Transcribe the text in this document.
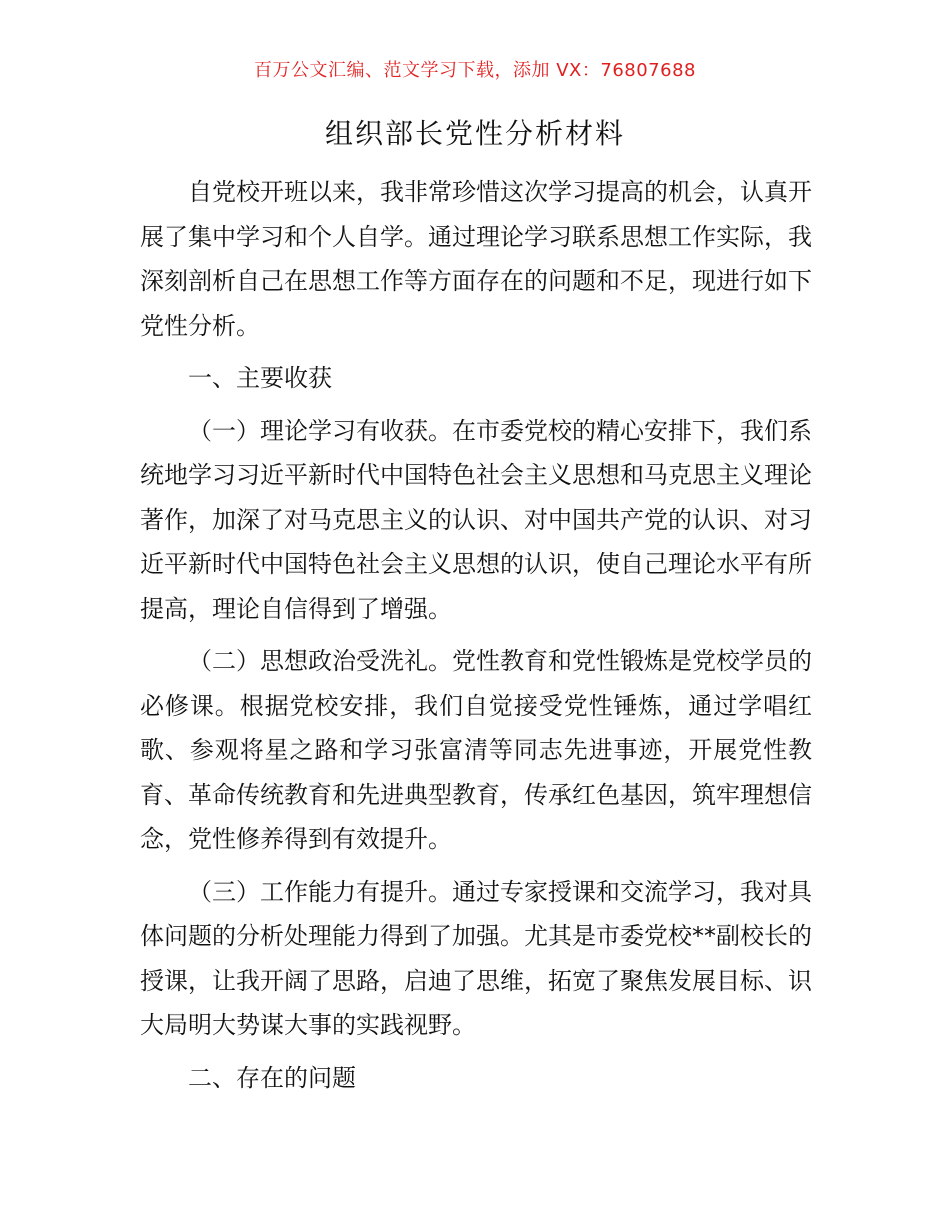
百万公文汇编、范文学习下载，添加 VX：76807688
组织部长党性分析材料

自党校开班以来，我非常珍惜这次学习提高的机会，认真开展了集中学习和个人自学。通过理论学习联系思想工作实际，我深刻剖析自己在思想工作等方面存在的问题和不足，现进行如下党性分析。

一、主要收获

（一）理论学习有收获。在市委党校的精心安排下，我们系统地学习习近平新时代中国特色社会主义思想和马克思主义理论著作，加深了对马克思主义的认识、对中国共产党的认识、对习近平新时代中国特色社会主义思想的认识，使自己理论水平有所提高，理论自信得到了增强。

（二）思想政治受洗礼。党性教育和党性锻炼是党校学员的必修课。根据党校安排，我们自觉接受党性锤炼，通过学唱红歌、参观将星之路和学习张富清等同志先进事迹，开展党性教育、革命传统教育和先进典型教育，传承红色基因，筑牢理想信念，党性修养得到有效提升。

（三）工作能力有提升。通过专家授课和交流学习，我对具体问题的分析处理能力得到了加强。尤其是市委党校**副校长的授课，让我开阔了思路，启迪了思维，拓宽了聚焦发展目标、识大局明大势谋大事的实践视野。

二、存在的问题
